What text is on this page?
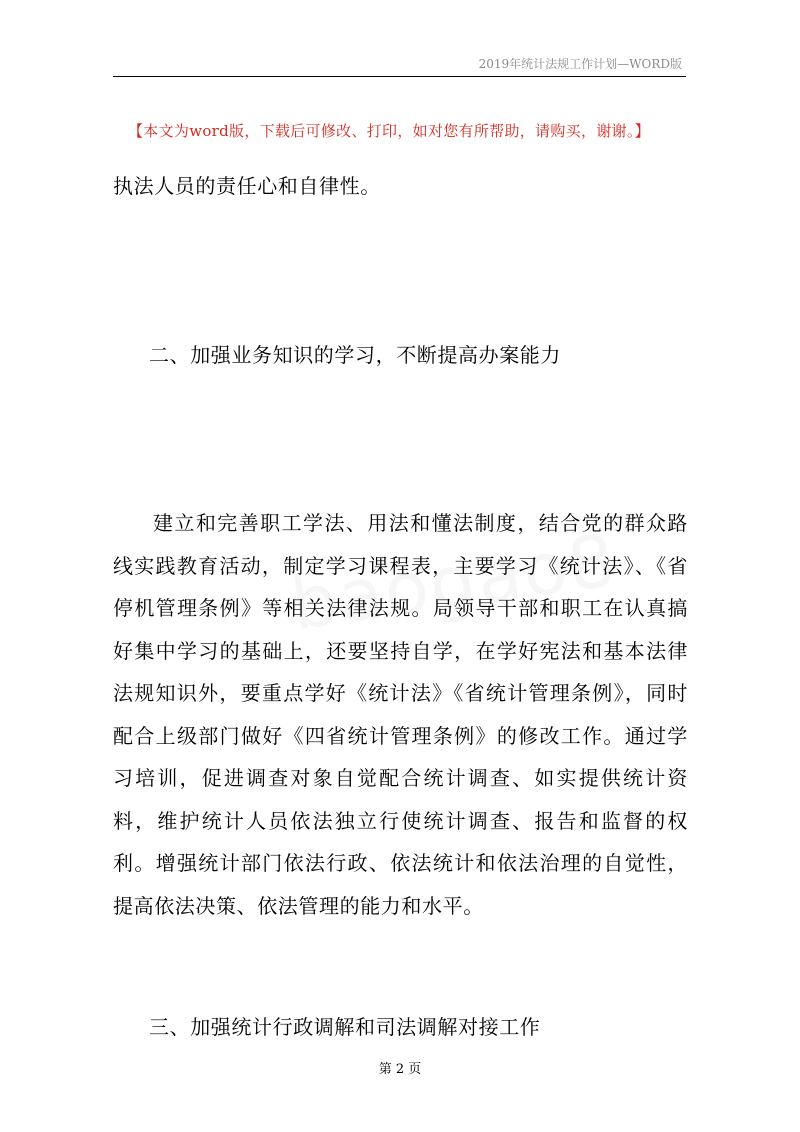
2019年统计法规工作计划—WORD版
【本文为word版，下载后可修改、打印，如对您有所帮助，请购买，谢谢。】
执法人员的责任心和自律性。
二、加强业务知识的学习，不断提高办案能力
建立和完善职工学法、用法和懂法制度，结合党的群众路线实践教育活动，制定学习课程表，主要学习《统计法》、《省停机管理条例》等相关法律法规。局领导干部和职工在认真搞好集中学习的基础上，还要坚持自学，在学好宪法和基本法律法规知识外，要重点学好《统计法》《省统计管理条例》，同时配合上级部门做好《四省统计管理条例》的修改工作。通过学习培训，促进调查对象自觉配合统计调查、如实提供统计资料，维护统计人员依法独立行使统计调查、报告和监督的权利。增强统计部门依法行政、依法统计和依法治理的自觉性，提高依法决策、依法管理的能力和水平。
三、加强统计行政调解和司法调解对接工作
第 2 页
